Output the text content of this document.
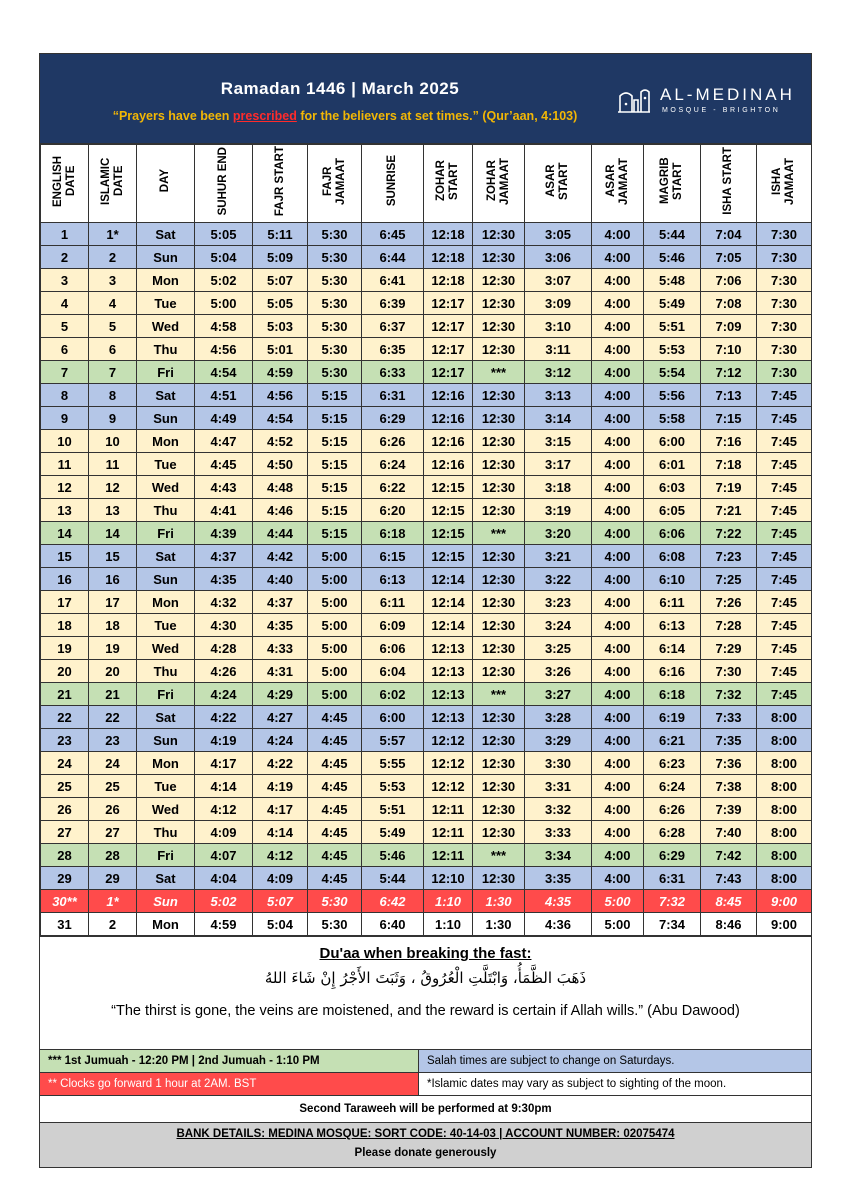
Ramadan 1446 | March 2025
“Prayers have been prescribed for the believers at set times.” (Qur’aan, 4:103)
AL-MEDINAH
MOSQUE - BRIGHTON
ENGLISH DATE	ISLAMIC DATE	DAY	SUHUR END	FAJR START	FAJR JAMAAT	SUNRISE	ZOHAR START	ZOHAR JAMAAT	ASAR START	ASAR JAMAAT	MAGRIB START	ISHA START	ISHA JAMAAT
1	1*	Sat	5:05	5:11	5:30	6:45	12:18	12:30	3:05	4:00	5:44	7:04	7:30
2	2	Sun	5:04	5:09	5:30	6:44	12:18	12:30	3:06	4:00	5:46	7:05	7:30
3	3	Mon	5:02	5:07	5:30	6:41	12:18	12:30	3:07	4:00	5:48	7:06	7:30
4	4	Tue	5:00	5:05	5:30	6:39	12:17	12:30	3:09	4:00	5:49	7:08	7:30
5	5	Wed	4:58	5:03	5:30	6:37	12:17	12:30	3:10	4:00	5:51	7:09	7:30
6	6	Thu	4:56	5:01	5:30	6:35	12:17	12:30	3:11	4:00	5:53	7:10	7:30
7	7	Fri	4:54	4:59	5:30	6:33	12:17	***	3:12	4:00	5:54	7:12	7:30
8	8	Sat	4:51	4:56	5:15	6:31	12:16	12:30	3:13	4:00	5:56	7:13	7:45
9	9	Sun	4:49	4:54	5:15	6:29	12:16	12:30	3:14	4:00	5:58	7:15	7:45
10	10	Mon	4:47	4:52	5:15	6:26	12:16	12:30	3:15	4:00	6:00	7:16	7:45
11	11	Tue	4:45	4:50	5:15	6:24	12:16	12:30	3:17	4:00	6:01	7:18	7:45
12	12	Wed	4:43	4:48	5:15	6:22	12:15	12:30	3:18	4:00	6:03	7:19	7:45
13	13	Thu	4:41	4:46	5:15	6:20	12:15	12:30	3:19	4:00	6:05	7:21	7:45
14	14	Fri	4:39	4:44	5:15	6:18	12:15	***	3:20	4:00	6:06	7:22	7:45
15	15	Sat	4:37	4:42	5:00	6:15	12:15	12:30	3:21	4:00	6:08	7:23	7:45
16	16	Sun	4:35	4:40	5:00	6:13	12:14	12:30	3:22	4:00	6:10	7:25	7:45
17	17	Mon	4:32	4:37	5:00	6:11	12:14	12:30	3:23	4:00	6:11	7:26	7:45
18	18	Tue	4:30	4:35	5:00	6:09	12:14	12:30	3:24	4:00	6:13	7:28	7:45
19	19	Wed	4:28	4:33	5:00	6:06	12:13	12:30	3:25	4:00	6:14	7:29	7:45
20	20	Thu	4:26	4:31	5:00	6:04	12:13	12:30	3:26	4:00	6:16	7:30	7:45
21	21	Fri	4:24	4:29	5:00	6:02	12:13	***	3:27	4:00	6:18	7:32	7:45
22	22	Sat	4:22	4:27	4:45	6:00	12:13	12:30	3:28	4:00	6:19	7:33	8:00
23	23	Sun	4:19	4:24	4:45	5:57	12:12	12:30	3:29	4:00	6:21	7:35	8:00
24	24	Mon	4:17	4:22	4:45	5:55	12:12	12:30	3:30	4:00	6:23	7:36	8:00
25	25	Tue	4:14	4:19	4:45	5:53	12:12	12:30	3:31	4:00	6:24	7:38	8:00
26	26	Wed	4:12	4:17	4:45	5:51	12:11	12:30	3:32	4:00	6:26	7:39	8:00
27	27	Thu	4:09	4:14	4:45	5:49	12:11	12:30	3:33	4:00	6:28	7:40	8:00
28	28	Fri	4:07	4:12	4:45	5:46	12:11	***	3:34	4:00	6:29	7:42	8:00
29	29	Sat	4:04	4:09	4:45	5:44	12:10	12:30	3:35	4:00	6:31	7:43	8:00
30**	1*	Sun	5:02	5:07	5:30	6:42	1:10	1:30	4:35	5:00	7:32	8:45	9:00
31	2	Mon	4:59	5:04	5:30	6:40	1:10	1:30	4:36	5:00	7:34	8:46	9:00
Du'aa when breaking the fast:
ذَهَبَ الظَّمَأُ، وَابْتَلَّتِ الْعُرُوقُ ، وَثَبَتَ الأَجْرُ إِنْ شَاءَ اللهُ
“The thirst is gone, the veins are moistened, and the reward is certain if Allah wills.” (Abu Dawood)
*** 1st Jumuah - 12:20 PM | 2nd Jumuah - 1:10 PM	Salah times are subject to change on Saturdays.
** Clocks go forward 1 hour at 2AM. BST	*Islamic dates may vary as subject to sighting of the moon.
Second Taraweeh will be performed at 9:30pm
BANK DETAILS: MEDINA MOSQUE: SORT CODE: 40-14-03 | ACCOUNT NUMBER: 02075474
Please donate generously
